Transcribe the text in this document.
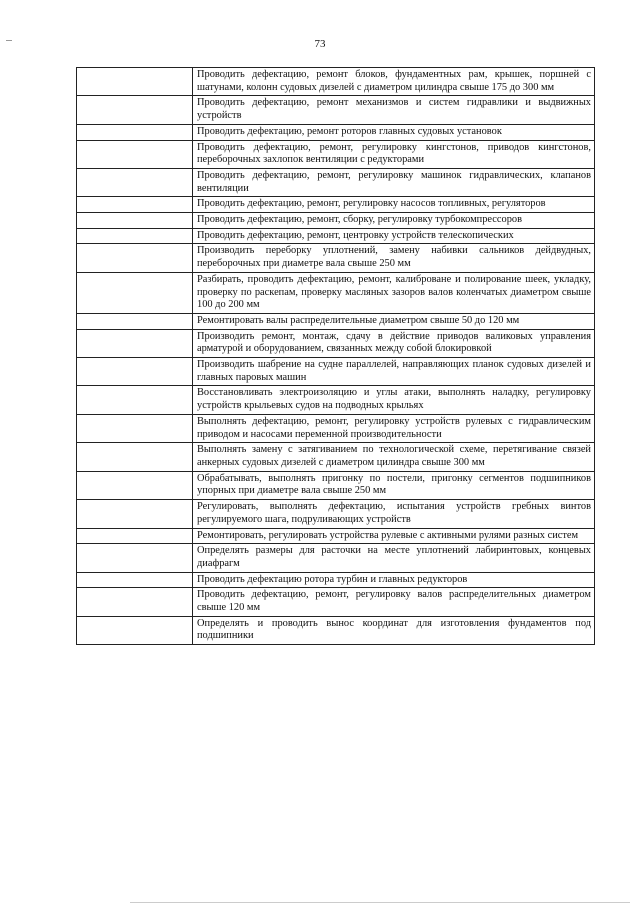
73
Проводить дефектацию, ремонт блоков, фундаментных рам, крышек, поршней с шатунами, колонн судовых дизелей с диаметром цилиндра свыше 175 до 300 мм
Проводить дефектацию, ремонт механизмов и систем гидравлики и выдвижных устройств
Проводить дефектацию, ремонт роторов главных судовых установок
Проводить дефектацию, ремонт, регулировку кингстонов, приводов кингстонов, переборочных захлопок вентиляции с редукторами
Проводить дефектацию, ремонт, регулировку машинок гидравлических, клапанов вентиляции
Проводить дефектацию, ремонт, регулировку насосов топливных, регуляторов
Проводить дефектацию, ремонт, сборку, регулировку турбокомпрессоров
Проводить дефектацию, ремонт, центровку устройств телескопических
Производить переборку уплотнений, замену набивки сальников дейдвудных, переборочных при диаметре вала свыше 250 мм
Разбирать, проводить дефектацию, ремонт, калиброване и полирование шеек, укладку, проверку по раскепам, проверку масляных зазоров валов коленчатых диаметром свыше 100 до 200 мм
Ремонтировать валы распределительные диаметром свыше 50 до 120 мм
Производить ремонт, монтаж, сдачу в действие приводов валиковых управления арматурой и оборудованием, связанных между собой блокировкой
Производить шабрение на судне параллелей, направляющих планок судовых дизелей и главных паровых машин
Восстановливать электроизоляцию и углы атаки, выполнять наладку, регулировку устройств крыльевых судов на подводных крыльях
Выполнять дефектацию, ремонт, регулировку устройств рулевых с гидравлическим приводом и насосами переменной производительности
Выполнять замену с затягиванием по технологической схеме, перетягивание связей анкерных судовых дизелей с диаметром цилиндра свыше 300 мм
Обрабатывать, выполнять пригонку по постели, пригонку сегментов подшипников упорных при диаметре вала свыше 250 мм
Регулировать, выполнять дефектацию, испытания устройств гребных винтов регулируемого шага, подруливающих устройств
Ремонтировать, регулировать устройства рулевые с активными рулями разных систем
Определять размеры для расточки на месте уплотнений лабиринтовых, концевых диафрагм
Проводить дефектацию ротора турбин и главных редукторов
Проводить дефектацию, ремонт, регулировку валов распределительных диаметром свыше 120 мм
Определять и проводить вынос координат для изготовления фундаментов под подшипники
